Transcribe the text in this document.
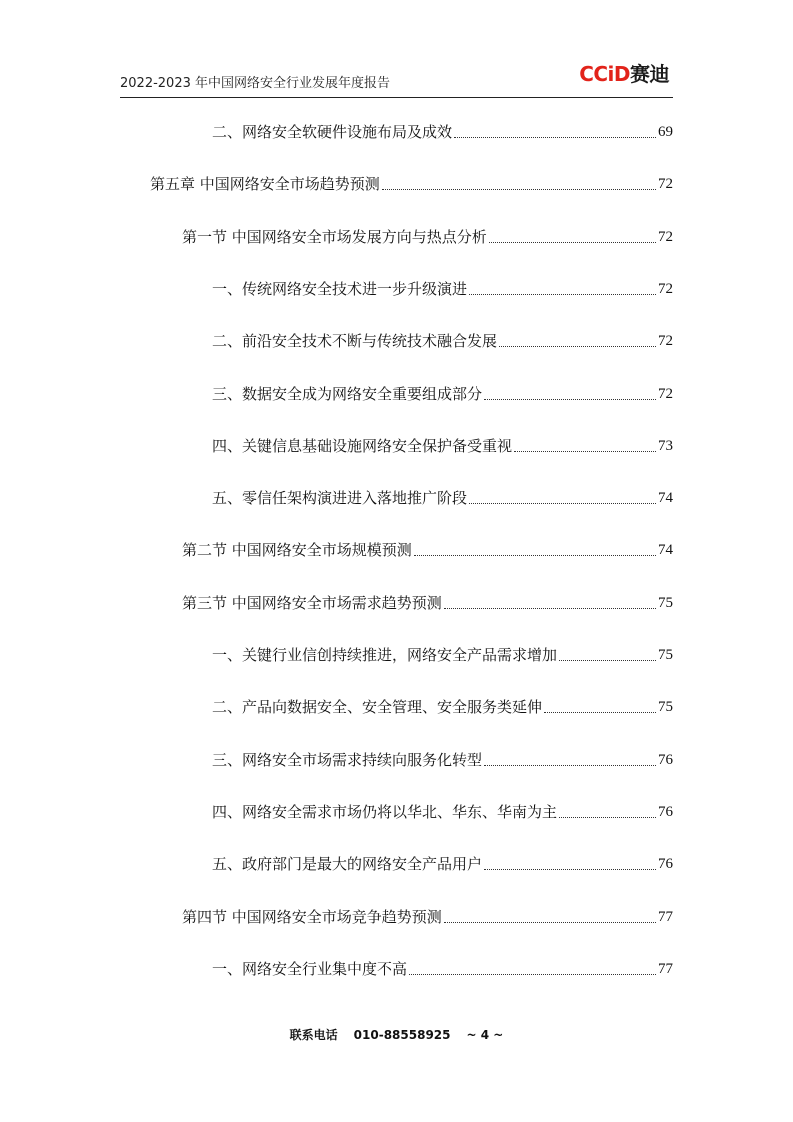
2022-2023 年中国网络安全行业发展年度报告	CCiD赛迪
二、网络安全软硬件设施布局及成效	69
第五章 中国网络安全市场趋势预测	72
第一节 中国网络安全市场发展方向与热点分析	72
一、传统网络安全技术进一步升级演进	72
二、前沿安全技术不断与传统技术融合发展	72
三、数据安全成为网络安全重要组成部分	72
四、关键信息基础设施网络安全保护备受重视	73
五、零信任架构演进进入落地推广阶段	74
第二节 中国网络安全市场规模预测	74
第三节 中国网络安全市场需求趋势预测	75
一、关键行业信创持续推进，网络安全产品需求增加	75
二、产品向数据安全、安全管理、安全服务类延伸	75
三、网络安全市场需求持续向服务化转型	76
四、网络安全需求市场仍将以华北、华东、华南为主	76
五、政府部门是最大的网络安全产品用户	76
第四节 中国网络安全市场竞争趋势预测	77
一、网络安全行业集中度不高	77
联系电话 010-88558925 ~ 4 ~
